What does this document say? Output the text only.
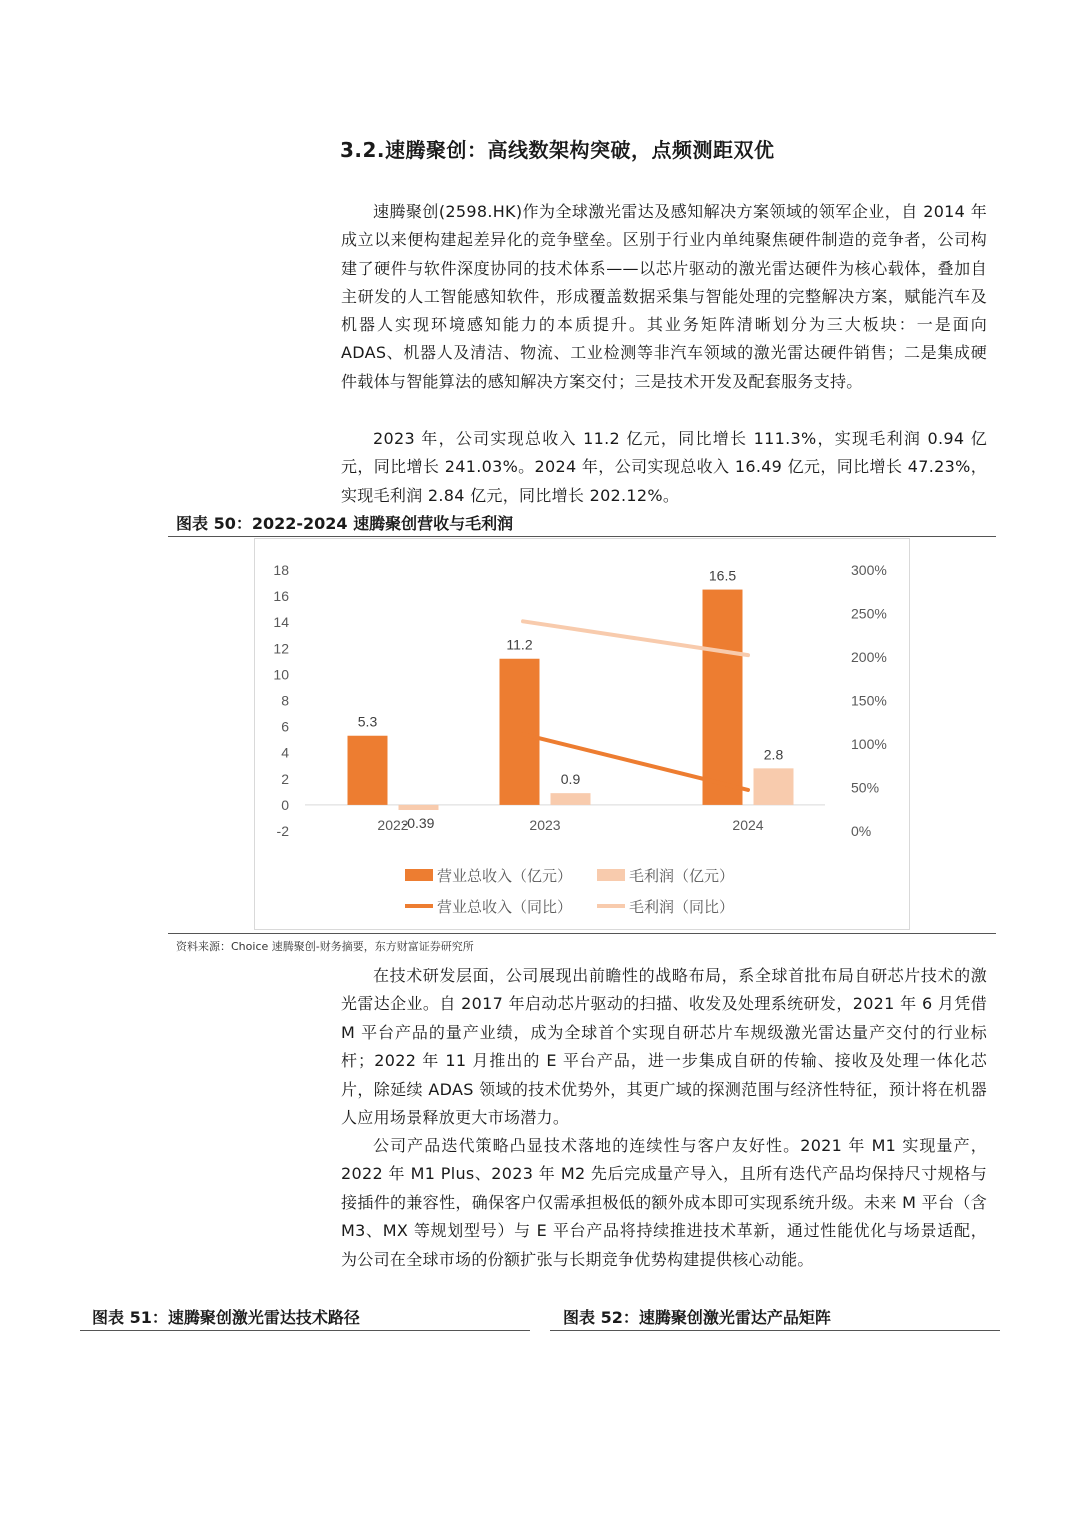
3.2.速腾聚创：高线数架构突破，点频测距双优

速腾聚创(2598.HK)作为全球激光雷达及感知解决方案领域的领军企业，自 2014 年成立以来便构建起差异化的竞争壁垒。区别于行业内单纯聚焦硬件制造的竞争者，公司构建了硬件与软件深度协同的技术体系——以芯片驱动的激光雷达硬件为核心载体，叠加自主研发的人工智能感知软件，形成覆盖数据采集与智能处理的完整解决方案，赋能汽车及机器人实现环境感知能力的本质提升。其业务矩阵清晰划分为三大板块：一是面向 ADAS、机器人及清洁、物流、工业检测等非汽车领域的激光雷达硬件销售；二是集成硬件载体与智能算法的感知解决方案交付；三是技术开发及配套服务支持。

2023 年，公司实现总收入 11.2 亿元，同比增长 111.3%，实现毛利润 0.94 亿元，同比增长 241.03%。2024 年，公司实现总收入 16.49 亿元，同比增长 47.23%，实现毛利润 2.84 亿元，同比增长 202.12%。

图表 50：2022-2024 速腾聚创营收与毛利润
-2
0
2
4
6
8
10
12
14
16
18
0%
50%
100%
150%
200%
250%
300%
5.3
11.2
16.5
-0.39
0.9
2.8
2022	2023	2024
营业总收入（亿元）	毛利润（亿元）
营业总收入（同比）	毛利润（同比）
资料来源：Choice 速腾聚创-财务摘要，东方财富证券研究所

在技术研发层面，公司展现出前瞻性的战略布局，系全球首批布局自研芯片技术的激光雷达企业。自 2017 年启动芯片驱动的扫描、收发及处理系统研发，2021 年 6 月凭借 M 平台产品的量产业绩，成为全球首个实现自研芯片车规级激光雷达量产交付的行业标杆；2022 年 11 月推出的 E 平台产品，进一步集成自研的传输、接收及处理一体化芯片，除延续 ADAS 领域的技术优势外，其更广域的探测范围与经济性特征，预计将在机器人应用场景释放更大市场潜力。

公司产品迭代策略凸显技术落地的连续性与客户友好性。2021 年 M1 实现量产，2022 年 M1 Plus、2023 年 M2 先后完成量产导入，且所有迭代产品均保持尺寸规格与接插件的兼容性，确保客户仅需承担极低的额外成本即可实现系统升级。未来 M 平台（含 M3、MX 等规划型号）与 E 平台产品将持续推进技术革新，通过性能优化与场景适配，为公司在全球市场的份额扩张与长期竞争优势构建提供核心动能。

图表 51：速腾聚创激光雷达技术路径	图表 52：速腾聚创激光雷达产品矩阵
